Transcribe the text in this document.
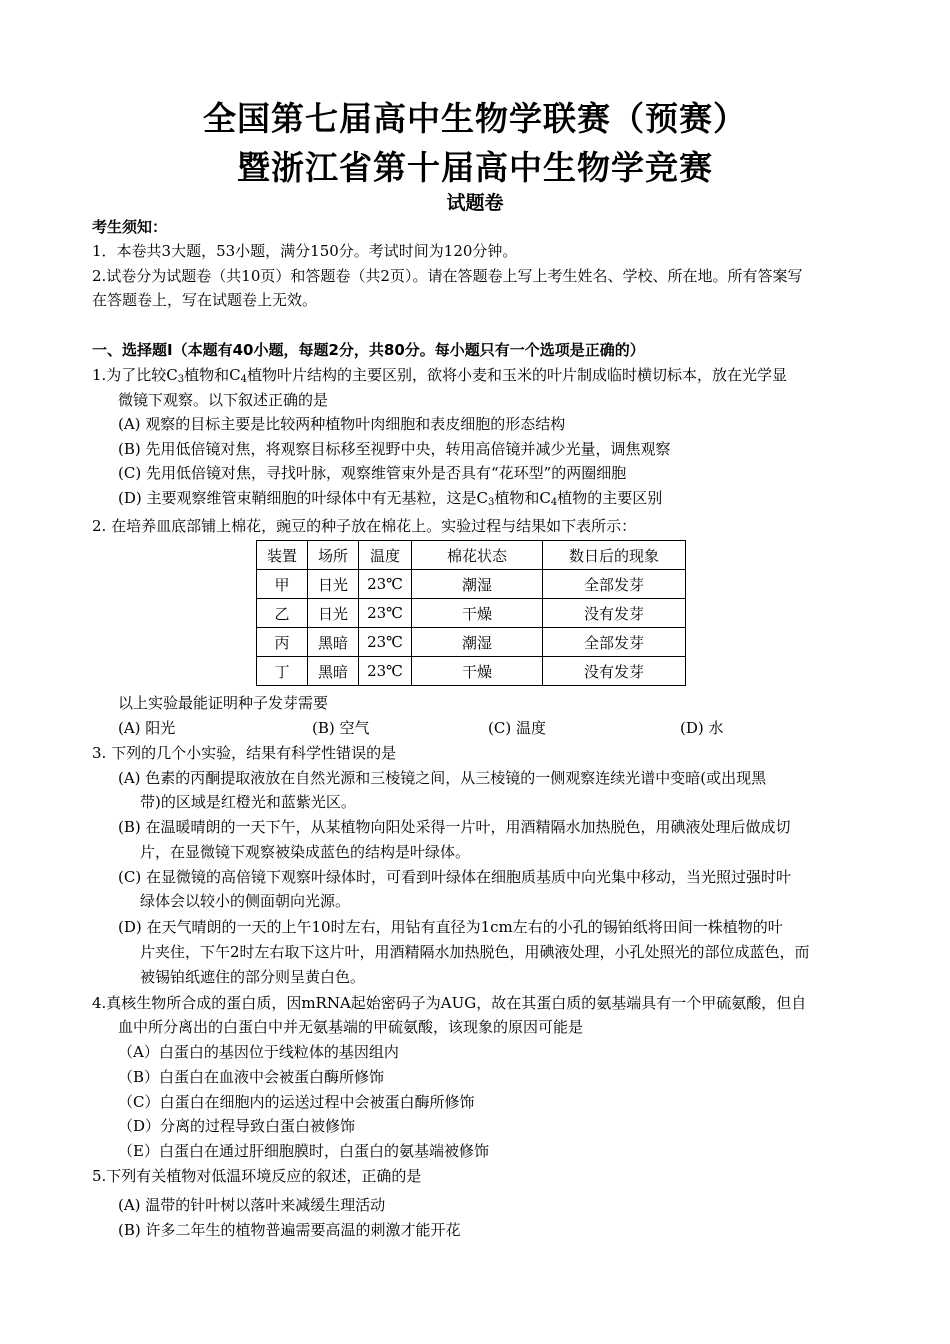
全国第七届高中生物学联赛（预赛）
暨浙江省第十届高中生物学竞赛
试题卷
考生须知：
1．本卷共3大题，53小题，满分150分。考试时间为120分钟。
2.试卷分为试题卷（共10页）和答题卷（共2页）。请在答题卷上写上考生姓名、学校、所在地。所有答案写
在答题卷上，写在试题卷上无效。
一、选择题Ⅰ（本题有40小题，每题2分，共80分。每小题只有一个选项是正确的）
1.为了比较$C_3$植物和$C_4$植物叶片结构的主要区别，欲将小麦和玉米的叶片制成临时横切标本，放在光学显
微镜下观察。以下叙述正确的是
(A) 观察的目标主要是比较两种植物叶肉细胞和表皮细胞的形态结构
(B) 先用低倍镜对焦，将观察目标移至视野中央，转用高倍镜并减少光量，调焦观察
(C) 先用低倍镜对焦，寻找叶脉，观察维管束外是否具有“花环型”的两圈细胞
(D) 主要观察维管束鞘细胞的叶绿体中有无基粒，这是$C_3$植物和$C_4$植物的主要区别
2. 在培养皿底部铺上棉花，豌豆的种子放在棉花上。实验过程与结果如下表所示：
装置	场所	温度	棉花状态	数日后的现象
甲	日光	23℃	潮湿	全部发芽
乙	日光	23℃	干燥	没有发芽
丙	黑暗	23℃	潮湿	全部发芽
丁	黑暗	23℃	干燥	没有发芽
以上实验最能证明种子发芽需要
(A) 阳光	(B) 空气	(C) 温度	(D) 水
3. 下列的几个小实验，结果有科学性错误的是
(A) 色素的丙酮提取液放在自然光源和三棱镜之间，从三棱镜的一侧观察连续光谱中变暗(或出现黑
带)的区域是红橙光和蓝紫光区。
(B) 在温暖晴朗的一天下午，从某植物向阳处采得一片叶，用酒精隔水加热脱色，用碘液处理后做成切
片，在显微镜下观察被染成蓝色的结构是叶绿体。
(C) 在显微镜的高倍镜下观察叶绿体时，可看到叶绿体在细胞质基质中向光集中移动，当光照过强时叶
绿体会以较小的侧面朝向光源。
(D) 在天气晴朗的一天的上午10时左右，用钻有直径为1cm左右的小孔的锡铂纸将田间一株植物的叶
片夹住，下午2时左右取下这片叶，用酒精隔水加热脱色，用碘液处理，小孔处照光的部位成蓝色，而
被锡铂纸遮住的部分则呈黄白色。
4.真核生物所合成的蛋白质，因mRNA起始密码子为AUG，故在其蛋白质的氨基端具有一个甲硫氨酸，但自
血中所分离出的白蛋白中并无氨基端的甲硫氨酸，该现象的原因可能是
（A）白蛋白的基因位于线粒体的基因组内
（B）白蛋白在血液中会被蛋白酶所修饰
（C）白蛋白在细胞内的运送过程中会被蛋白酶所修饰
（D）分离的过程导致白蛋白被修饰
（E）白蛋白在通过肝细胞膜时，白蛋白的氨基端被修饰
5.下列有关植物对低温环境反应的叙述，正确的是
(A) 温带的针叶树以落叶来减缓生理活动
(B) 许多二年生的植物普遍需要高温的刺激才能开花
